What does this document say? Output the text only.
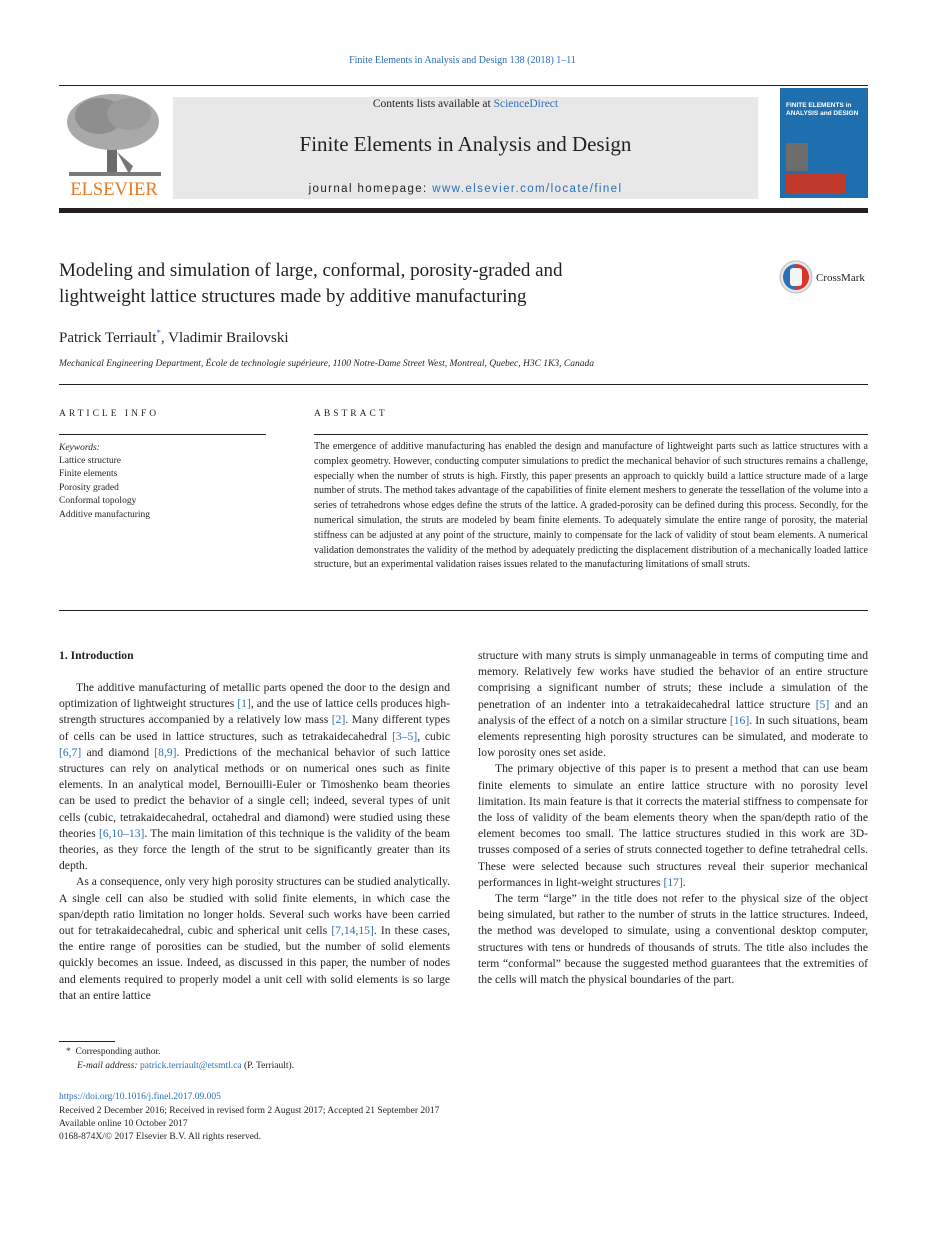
Finite Elements in Analysis and Design 138 (2018) 1–11
ELSEVIER
Contents lists available at ScienceDirect
Finite Elements in Analysis and Design
journal homepage: www.elsevier.com/locate/finel
FINITE ELEMENTS in ANALYSIS and DESIGN
Modeling and simulation of large, conformal, porosity-graded and
lightweight lattice structures made by additive manufacturing
CrossMark
Patrick Terriault*, Vladimir Brailovski
Mechanical Engineering Department, École de technologie supérieure, 1100 Notre-Dame Street West, Montreal, Quebec, H3C 1K3, Canada
ARTICLE INFO
Keywords:
Lattice structure
Finite elements
Porosity graded
Conformal topology
Additive manufacturing
ABSTRACT
The emergence of additive manufacturing has enabled the design and manufacture of lightweight parts such as lattice structures with a complex geometry. However, conducting computer simulations to predict the mechanical behavior of such structures remains a challenge, especially when the number of struts is high. Firstly, this paper presents an approach to quickly build a lattice structure made of a large number of struts. The method takes advantage of the capabilities of finite element meshers to generate the tessellation of the volume into a series of tetrahedrons whose edges define the struts of the lattice. A graded-porosity can be defined during this process. Secondly, for the numerical simulation, the struts are modeled by beam finite elements. To adequately simulate the entire range of porosity, the material stiffness can be adjusted at any point of the structure, mainly to compensate for the lack of validity of stout beam elements. A numerical validation demonstrates the validity of the method by adequately predicting the displacement distribution of a mechanically loaded lattice structure, but an experimental validation raises issues related to the manufacturing limitations of small struts.
1. Introduction

The additive manufacturing of metallic parts opened the door to the design and optimization of lightweight structures [1], and the use of lattice cells produces high-strength structures accompanied by a relatively low mass [2]. Many different types of cells can be used in lattice structures, such as tetrakaidecahedral [3–5], cubic [6,7] and diamond [8,9]. Predictions of the mechanical behavior of such lattice structures can rely on analytical methods or on numerical ones such as finite elements. In an analytical model, Bernouilli-Euler or Timoshenko beam theories can be used to predict the behavior of a single cell; indeed, several types of unit cells (cubic, tetrakaidecahedral, octahedral and diamond) were studied using these theories [6,10–13]. The main limitation of this technique is the validity of the beam theories, as they force the length of the strut to be significantly greater than its depth.

As a consequence, only very high porosity structures can be studied analytically. A single cell can also be studied with solid finite elements, in which case the span/depth ratio limitation no longer holds. Several such works have been carried out for tetrakaidecahedral, cubic and spherical unit cells [7,14,15]. In these cases, the entire range of porosities can be studied, but the number of solid elements quickly becomes an issue. Indeed, as discussed in this paper, the number of nodes and elements required to properly model a unit cell with solid elements is so large that an entire lattice

structure with many struts is simply unmanageable in terms of computing time and memory. Relatively few works have studied the behavior of an entire structure comprising a significant number of struts; these include a simulation of the penetration of an indenter into a tetrakaidecahedral lattice structure [5] and an analysis of the effect of a notch on a similar structure [16]. In such situations, beam elements representing high porosity structures can be simulated, and moderate to low porosity ones set aside.

The primary objective of this paper is to present a method that can use beam finite elements to simulate an entire lattice structure with no porosity level limitation. Its main feature is that it corrects the material stiffness to compensate for the loss of validity of the beam elements theory when the span/depth ratio of the element becomes too small. The lattice structures studied in this work are 3D-trusses composed of a series of struts connected together to define tetrahedral cells. These were selected because such structures reveal their superior mechanical performances in light-weight structures [17].

The term “large” in the title does not refer to the physical size of the object being simulated, but rather to the number of struts in the lattice structures. Indeed, the method was developed to simulate, using a conventional desktop computer, structures with tens or hundreds of thousands of struts. The title also includes the term “conformal” because the suggested method guarantees that the extremities of the cells will match the physical boundaries of the part.

* Corresponding author.
E-mail address: patrick.terriault@etsmtl.ca (P. Terriault).
https://doi.org/10.1016/j.finel.2017.09.005
Received 2 December 2016; Received in revised form 2 August 2017; Accepted 21 September 2017
Available online 10 October 2017
0168-874X/© 2017 Elsevier B.V. All rights reserved.
